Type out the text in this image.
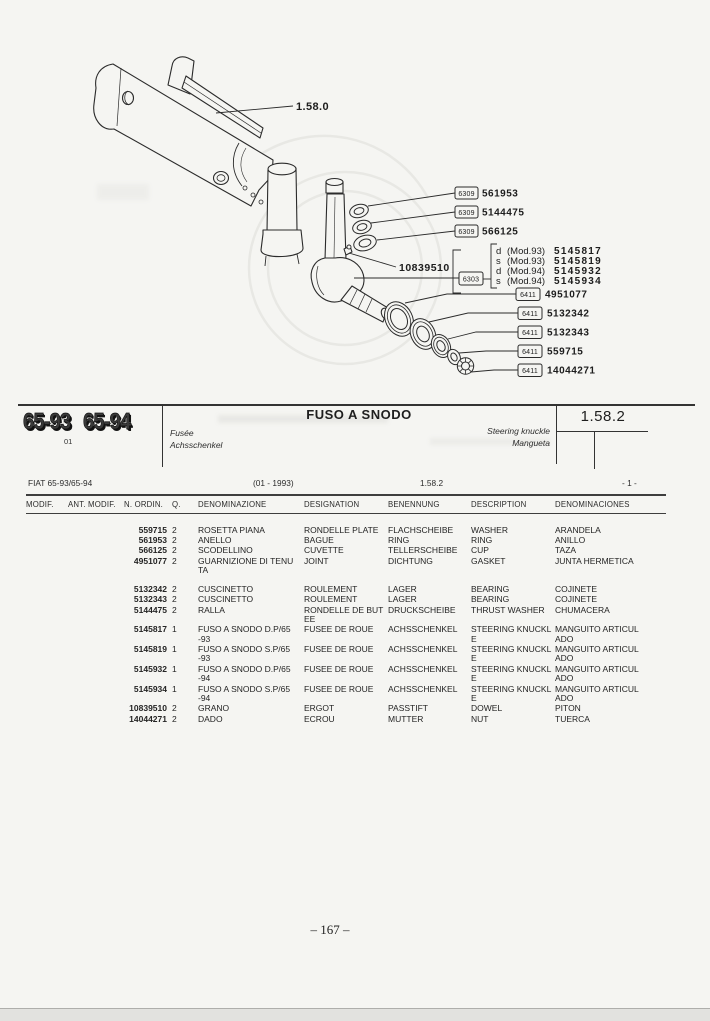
1.58.0
10839510
6309 561953
6309 5144475
6309 566125
6303
d (Mod.93) 5145817
s (Mod.93) 5145819
d (Mod.94) 5145932
s (Mod.94) 5145934
6411 4951077
6411 5132342
6411 5132343
6411 559715
6411 14044271
65-93 65-94
01
FUSO A SNODO
Fusée
Achsschenkel
Steering knuckle
Mangueta
1.58.2
FIAT 65-93/65-94	(01 - 1993)	1.58.2	- 1 -
MODIF.	ANT. MODIF.	N. ORDIN.	Q.	DENOMINAZIONE	DESIGNATION	BENENNUNG	DESCRIPTION	DENOMINACIONES
		559715	2	ROSETTA PIANA	RONDELLE PLATE	FLACHSCHEIBE	WASHER	ARANDELA
		561953	2	ANELLO	BAGUE	RING	RING	ANILLO
		566125	2	SCODELLINO	CUVETTE	TELLERSCHEIBE	CUP	TAZA
		4951077	2	GUARNIZIONE DI TENUTA	JOINT	DICHTUNG	GASKET	JUNTA HERMETICA
		5132342	2	CUSCINETTO	ROULEMENT	LAGER	BEARING	COJINETE
		5132343	2	CUSCINETTO	ROULEMENT	LAGER	BEARING	COJINETE
		5144475	2	RALLA	RONDELLE DE BUTEE	DRUCKSCHEIBE	THRUST WASHER	CHUMACERA
		5145817	1	FUSO A SNODO D.P/65 -93	FUSEE DE ROUE	ACHSSCHENKEL	STEERING KNUCKLE	MANGUITO ARTICULADO
		5145819	1	FUSO A SNODO S.P/65 -93	FUSEE DE ROUE	ACHSSCHENKEL	STEERING KNUCKLE	MANGUITO ARTICULADO
		5145932	1	FUSO A SNODO D.P/65 -94	FUSEE DE ROUE	ACHSSCHENKEL	STEERING KNUCKLE	MANGUITO ARTICULADO
		5145934	1	FUSO A SNODO S.P/65 -94	FUSEE DE ROUE	ACHSSCHENKEL	STEERING KNUCKLE	MANGUITO ARTICULADO
		10839510	2	GRANO	ERGOT	PASSTIFT	DOWEL	PITON
		14044271	2	DADO	ECROU	MUTTER	NUT	TUERCA
– 167 –
